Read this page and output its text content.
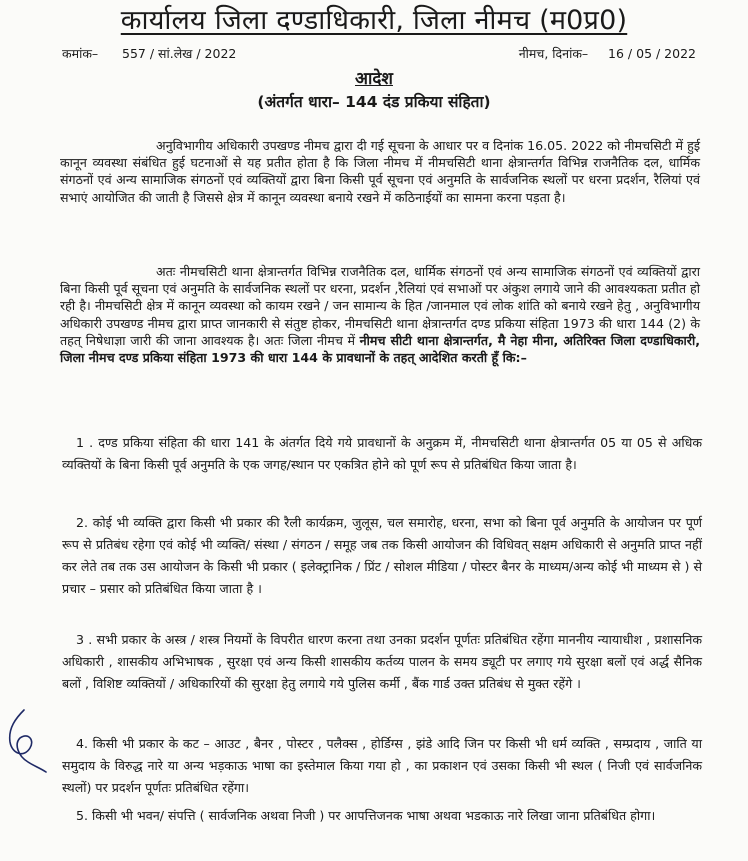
कार्यालय जिला दण्डाधिकारी, जिला नीमच (म0प्र0)
कमांक– 557 / सां.लेख / 2022	नीमच, दिनांक– 16 / 05 / 2022
आदेश
(अंतर्गत धारा– 144 दंड प्रकिया संहिता)

अनुविभागीय अधिकारी उपखण्ड नीमच द्वारा दी गई सूचना के आधार पर व दिनांक 16.05. 2022 को नीमचसिटी में हुई कानून व्यवस्था संबंधित हुई घटनाओं से यह प्रतीत होता है कि जिला नीमच में नीमचसिटी थाना क्षेत्रान्तर्गत विभिन्न राजनैतिक दल, धार्मिक संगठनों एवं अन्य सामाजिक संगठनों एवं व्यक्तियों द्वारा बिना किसी पूर्व सूचना एवं अनुमति के सार्वजनिक स्थलों पर धरना प्रदर्शन, रैलियां एवं सभाएं आयोजित की जाती है जिससे क्षेत्र में कानून व्यवस्था बनाये रखने में कठिनाईयों का सामना करना पड़ता है।

अतः नीमचसिटी थाना क्षेत्रान्तर्गत विभिन्न राजनैतिक दल, धार्मिक संगठनों एवं अन्य सामाजिक संगठनों एवं व्यक्तियों द्वारा बिना किसी पूर्व सूचना एवं अनुमति के सार्वजनिक स्थलों पर धरना, प्रदर्शन ,रैलियां एवं सभाओं पर अंकुश लगाये जाने की आवश्यकता प्रतीत हो रही है। नीमचसिटी क्षेत्र में कानून व्यवस्था को कायम रखने / जन सामान्य के हित /जानमाल एवं लोक शांति को बनाये रखने हेतु , अनुविभागीय अधिकारी उपखण्ड नीमच द्वारा प्राप्त जानकारी से संतुष्ट होकर, नीमचसिटी थाना क्षेत्रान्तर्गत दण्ड प्रकिया संहिता 1973 की धारा 144 (2) के तहत् निषेधाज्ञा जारी की जाना आवश्यक है। अतः जिला नीमच में नीमच सीटी थाना क्षेत्रान्तर्गत, मै नेहा मीना, अतिरिक्त जिला दण्डाधिकारी, जिला नीमच दण्ड प्रकिया संहिता 1973 की धारा 144 के प्रावधानों के तहत् आदेशित करती हूँ कि:–

1 . दण्ड प्रकिया संहिता की धारा 141 के अंतर्गत दिये गये प्रावधानों के अनुक्रम में, नीमचसिटी थाना क्षेत्रान्तर्गत 05 या 05 से अधिक व्यक्तियों के बिना किसी पूर्व अनुमति के एक जगह/स्थान पर एकत्रित होने को पूर्ण रूप से प्रतिबंधित किया जाता है।

2. कोई भी व्यक्ति द्वारा किसी भी प्रकार की रैली कार्यक्रम, जुलूस, चल समारोह, धरना, सभा को बिना पूर्व अनुमति के आयोजन पर पूर्ण रूप से प्रतिबंध रहेगा एवं कोई भी व्यक्ति/ संस्था / संगठन / समूह जब तक किसी आयोजन की विधिवत् सक्षम अधिकारी से अनुमति प्राप्त नहीं कर लेते तब तक उस आयोजन के किसी भी प्रकार ( इलेक्ट्रानिक / प्रिंट / सोशल मीडिया / पोस्टर बैनर के माध्यम/अन्य कोई भी माध्यम से ) से प्रचार – प्रसार को प्रतिबंधित किया जाता है ।

3 . सभी प्रकार के अस्त्र / शस्त्र नियमों के विपरीत धारण करना तथा उनका प्रदर्शन पूर्णतः प्रतिबंधित रहेंगा माननीय न्यायाधीश , प्रशासनिक अधिकारी , शासकीय अभिभाषक , सुरक्षा एवं अन्य किसी शासकीय कर्तव्य पालन के समय ड्यूटी पर लगाए गये सुरक्षा बलों एवं अर्द्ध सैनिक बलों , विशिष्ट व्यक्तियों / अधिकारियों की सुरक्षा हेतु लगाये गये पुलिस कर्मी , बैंक गार्ड उक्त प्रतिबंध से मुक्त रहेंगे ।

4. किसी भी प्रकार के कट – आउट , बैनर , पोस्टर , पलैक्स , होर्डिग्स , झंडे आदि जिन पर किसी भी धर्म व्यक्ति , सम्प्रदाय , जाति या समुदाय के विरुद्ध नारे या अन्य भड़काऊ भाषा का इस्तेमाल किया गया हो , का प्रकाशन एवं उसका किसी भी स्थल ( निजी एवं सार्वजनिक स्थलों) पर प्रदर्शन पूर्णतः प्रतिबंधित रहेंगा।

5. किसी भी भवन/ संपत्ति ( सार्वजनिक अथवा निजी ) पर आपत्तिजनक भाषा अथवा भडकाऊ नारे लिखा जाना प्रतिबंधित होगा।
